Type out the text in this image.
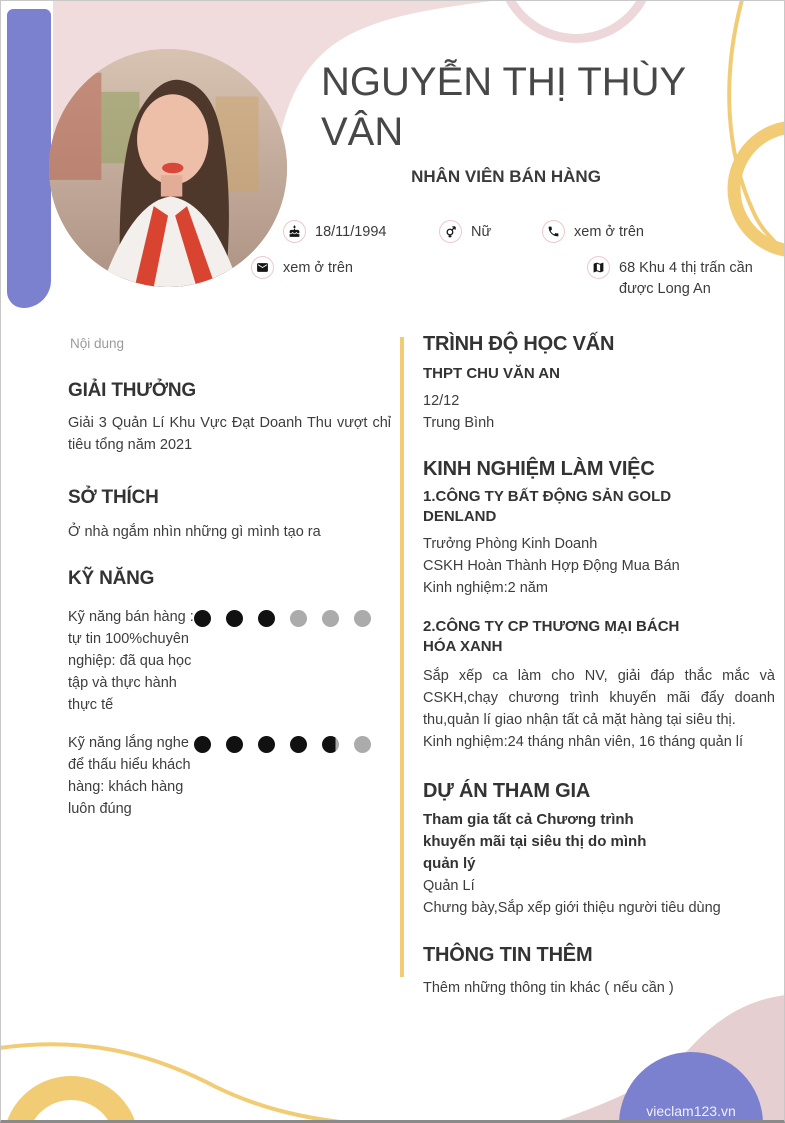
NGUYỄN THỊ THÙY VÂN
NHÂN VIÊN BÁN HÀNG
18/11/1994	Nữ	xem ở trên
xem ở trên	68 Khu 4 thị trấn cần được Long An

Nội dung

GIẢI THƯỞNG

Giải 3 Quản Lí Khu Vực Đạt Doanh Thu vượt chỉ tiêu tổng năm 2021

SỞ THÍCH

Ở nhà ngắm nhìn những gì mình tạo ra

KỸ NĂNG
Kỹ năng bán hàng : tự tin 100%chuyên nghiệp: đã qua học tập và thực hành thực tế
Kỹ năng lắng nghe để thấu hiểu khách hàng: khách hàng luôn đúng
TRÌNH ĐỘ HỌC VẤN

THPT CHU VĂN AN

12/12

Trung Bình

KINH NGHIỆM LÀM VIỆC

1.CÔNG TY BẤT ĐỘNG SẢN GOLD DENLAND

Trưởng Phòng Kinh Doanh

CSKH Hoàn Thành Hợp Động Mua Bán

Kinh nghiệm:2 năm

2.CÔNG TY CP THƯƠNG MẠI BÁCH HÓA XANH

Sắp xếp ca làm cho NV, giải đáp thắc mắc và CSKH,chạy chương trình khuyến mãi đẩy doanh thu,quản lí giao nhận tất cả mặt hàng tại siêu thị.

Kinh nghiệm:24 tháng nhân viên, 16 tháng quản lí

DỰ ÁN THAM GIA

Tham gia tất cả Chương trình khuyến mãi tại siêu thị do mình quản lý

Quản Lí

Chưng bày,Sắp xếp giới thiệu người tiêu dùng

THÔNG TIN THÊM

Thêm những thông tin khác ( nếu cần )

vieclam123.vn
